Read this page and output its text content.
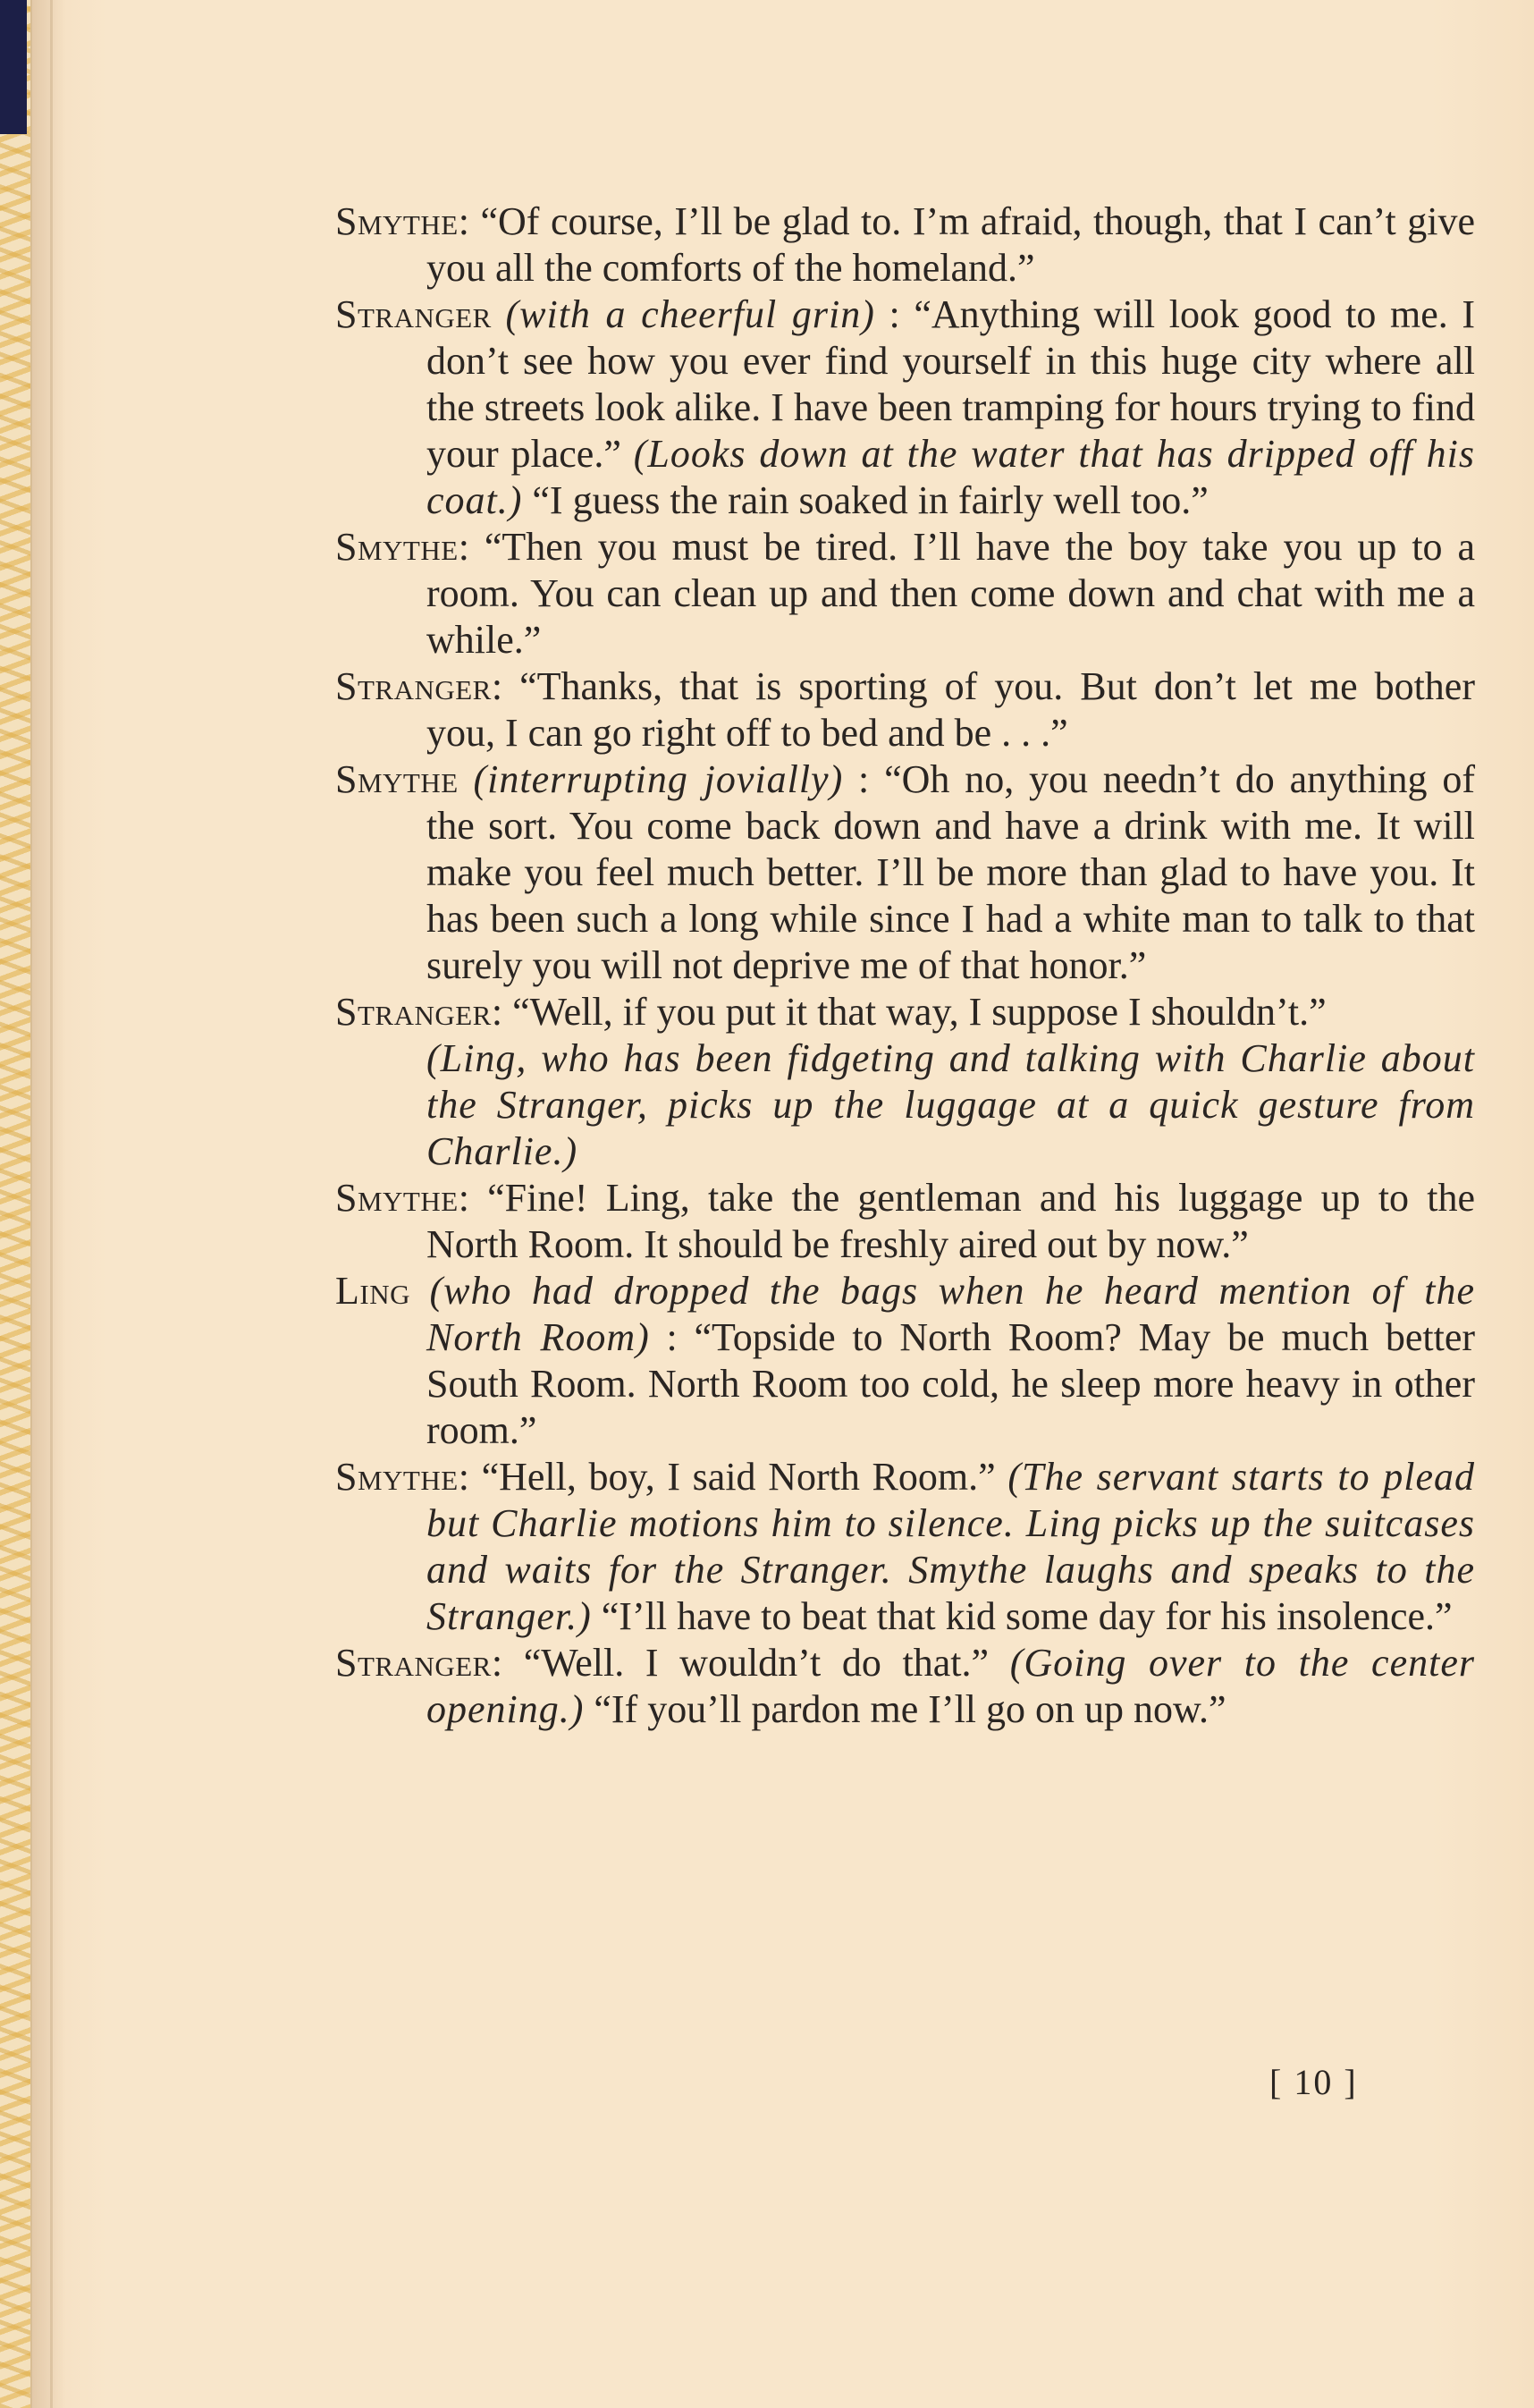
Smythe: “Of course, I’ll be glad to. I’m afraid, though, that I can’t give you all the comforts of the homeland.”

Stranger (with a cheerful grin) : “Anything will look good to me. I don’t see how you ever find yourself in this huge city where all the streets look alike. I have been tramping for hours trying to find your place.” (Looks down at the water that has dripped off his coat.) “I guess the rain soaked in fairly well too.”

Smythe: “Then you must be tired. I’ll have the boy take you up to a room. You can clean up and then come down and chat with me a while.”

Stranger: “Thanks, that is sporting of you. But don’t let me bother you, I can go right off to bed and be . . .”

Smythe (interrupting jovially) : “Oh no, you needn’t do anything of the sort. You come back down and have a drink with me. It will make you feel much better. I’ll be more than glad to have you. It has been such a long while since I had a white man to talk to that surely you will not deprive me of that honor.”

Stranger: “Well, if you put it that way, I suppose I shouldn’t.”

(Ling, who has been fidgeting and talking with Charlie about the Stranger, picks up the luggage at a quick gesture from Charlie.)

Smythe: “Fine! Ling, take the gentleman and his luggage up to the North Room. It should be freshly aired out by now.”

Ling (who had dropped the bags when he heard mention of the North Room) : “Topside to North Room? May be much better South Room. North Room too cold, he sleep more heavy in other room.”

Smythe: “Hell, boy, I said North Room.” (The servant starts to plead but Charlie motions him to silence. Ling picks up the suitcases and waits for the Stranger. Smythe laughs and speaks to the Stranger.) “I’ll have to beat that kid some day for his insolence.”

Stranger: “Well. I wouldn’t do that.” (Going over to the center opening.) “If you’ll pardon me I’ll go on up now.”

[ 10 ]
